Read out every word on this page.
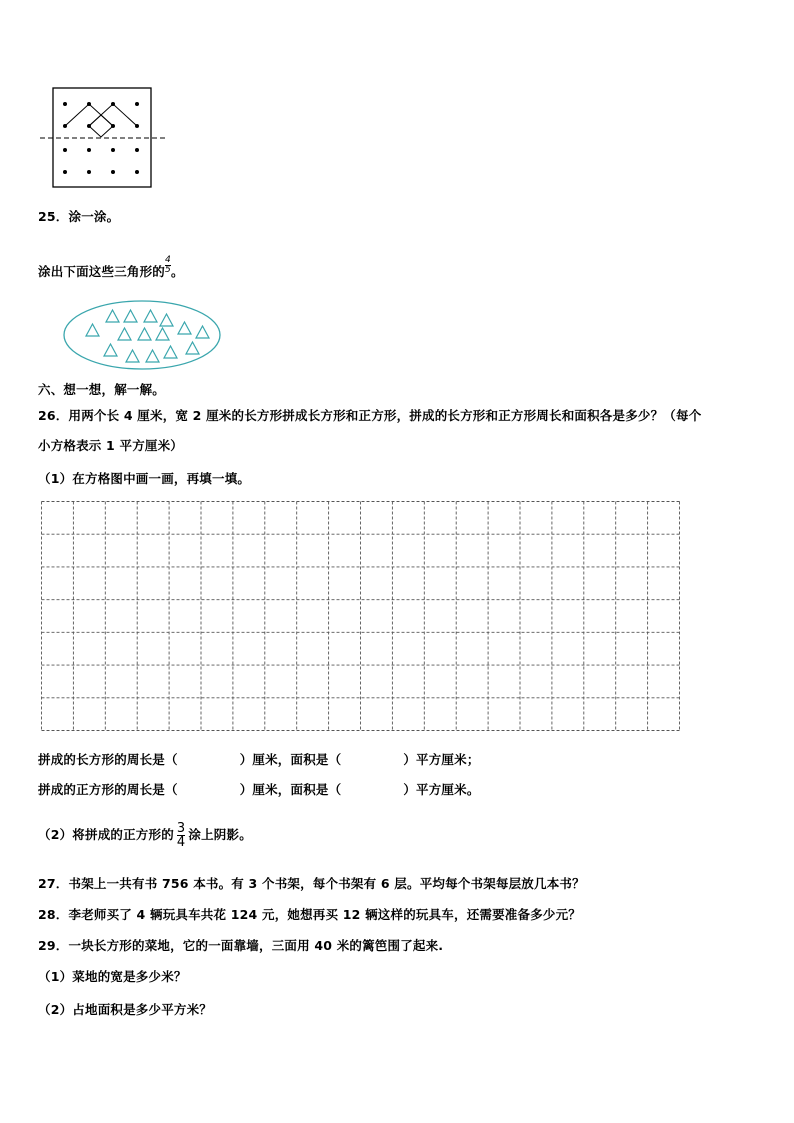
25．涂一涂。
涂出下面这些三角形的 $\frac{4}{5}$ 。
六、想一想，解一解。
26．用两个长 4 厘米，宽 2 厘米的长方形拼成长方形和正方形，拼成的长方形和正方形周长和面积各是多少？（每个
小方格表示 1 平方厘米）
（1）在方格图中画一画，再填一填。
拼成的长方形的周长是（	）厘米，面积是（	）平方厘米；
拼成的正方形的周长是（	）厘米，面积是（	）平方厘米。
（2）将拼成的正方形的 $\frac{3}{4}$ 涂上阴影。
27．书架上一共有书 756 本书。有 3 个书架，每个书架有 6 层。平均每个书架每层放几本书？
28．李老师买了 4 辆玩具车共花 124 元，她想再买 12 辆这样的玩具车，还需要准备多少元？
29．一块长方形的菜地，它的一面靠墙，三面用 40 米的篱笆围了起来.
（1）菜地的宽是多少米？
（2）占地面积是多少平方米？
